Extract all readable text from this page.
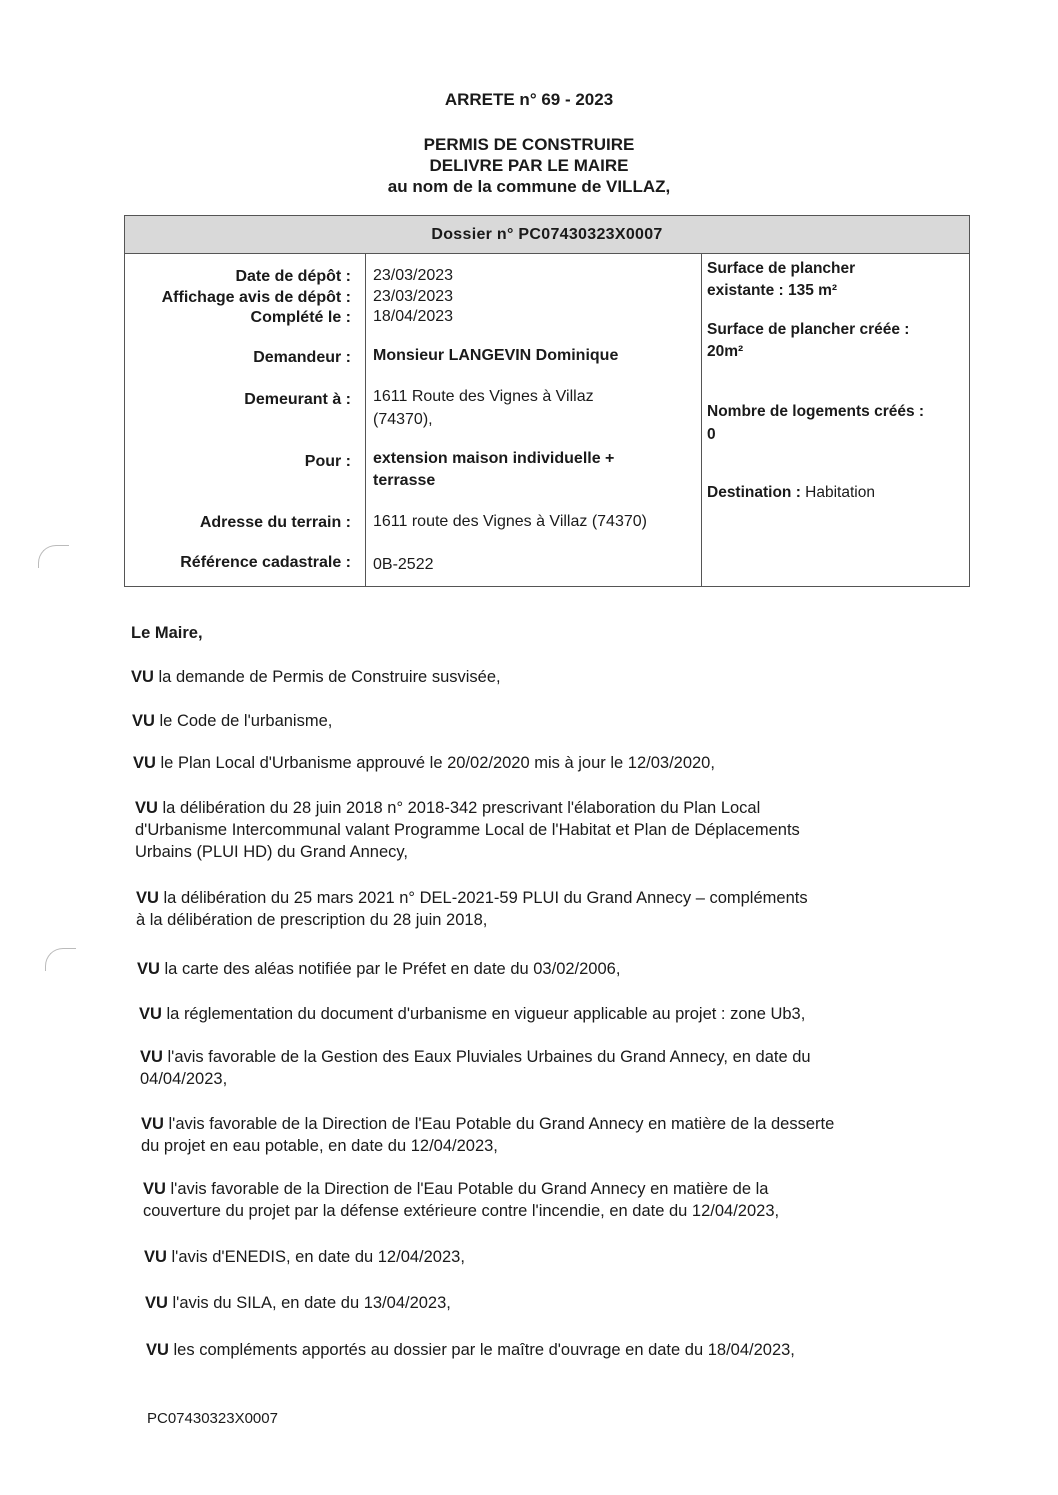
ARRETE n° 69 - 2023
PERMIS DE CONSTRUIRE
DELIVRE PAR LE MAIRE
au nom de la commune de VILLAZ,
Dossier n° PC07430323X0007
Date de dépôt : 23/03/2023
Affichage avis de dépôt : 23/03/2023
Complété le : 18/04/2023
Demandeur : Monsieur LANGEVIN Dominique
Demeurant à : 1611 Route des Vignes à Villaz
(74370),
Pour : extension maison individuelle +
terrasse
Adresse du terrain : 1611 route des Vignes à Villaz (74370)
Référence cadastrale : 0B-2522
Surface de plancher
existante : 135 m²
Surface de plancher créée :
20m²
Nombre de logements créés :
0
Destination : Habitation
Le Maire,
VU la demande de Permis de Construire susvisée,
VU le Code de l'urbanisme,
VU le Plan Local d'Urbanisme approuvé le 20/02/2020 mis à jour le 12/03/2020,
VU la délibération du 28 juin 2018 n° 2018-342 prescrivant l'élaboration du Plan Local
d'Urbanisme Intercommunal valant Programme Local de l'Habitat et Plan de Déplacements
Urbains (PLUI HD) du Grand Annecy,
VU la délibération du 25 mars 2021 n° DEL-2021-59 PLUI du Grand Annecy – compléments
à la délibération de prescription du 28 juin 2018,
VU la carte des aléas notifiée par le Préfet en date du 03/02/2006,
VU la réglementation du document d'urbanisme en vigueur applicable au projet : zone Ub3,
VU l'avis favorable de la Gestion des Eaux Pluviales Urbaines du Grand Annecy, en date du
04/04/2023,
VU l'avis favorable de la Direction de l'Eau Potable du Grand Annecy en matière de la desserte
du projet en eau potable, en date du 12/04/2023,
VU l'avis favorable de la Direction de l'Eau Potable du Grand Annecy en matière de la
couverture du projet par la défense extérieure contre l'incendie, en date du 12/04/2023,
VU l'avis d'ENEDIS, en date du 12/04/2023,
VU l'avis du SILA, en date du 13/04/2023,
VU les compléments apportés au dossier par le maître d'ouvrage en date du 18/04/2023,
PC07430323X0007
